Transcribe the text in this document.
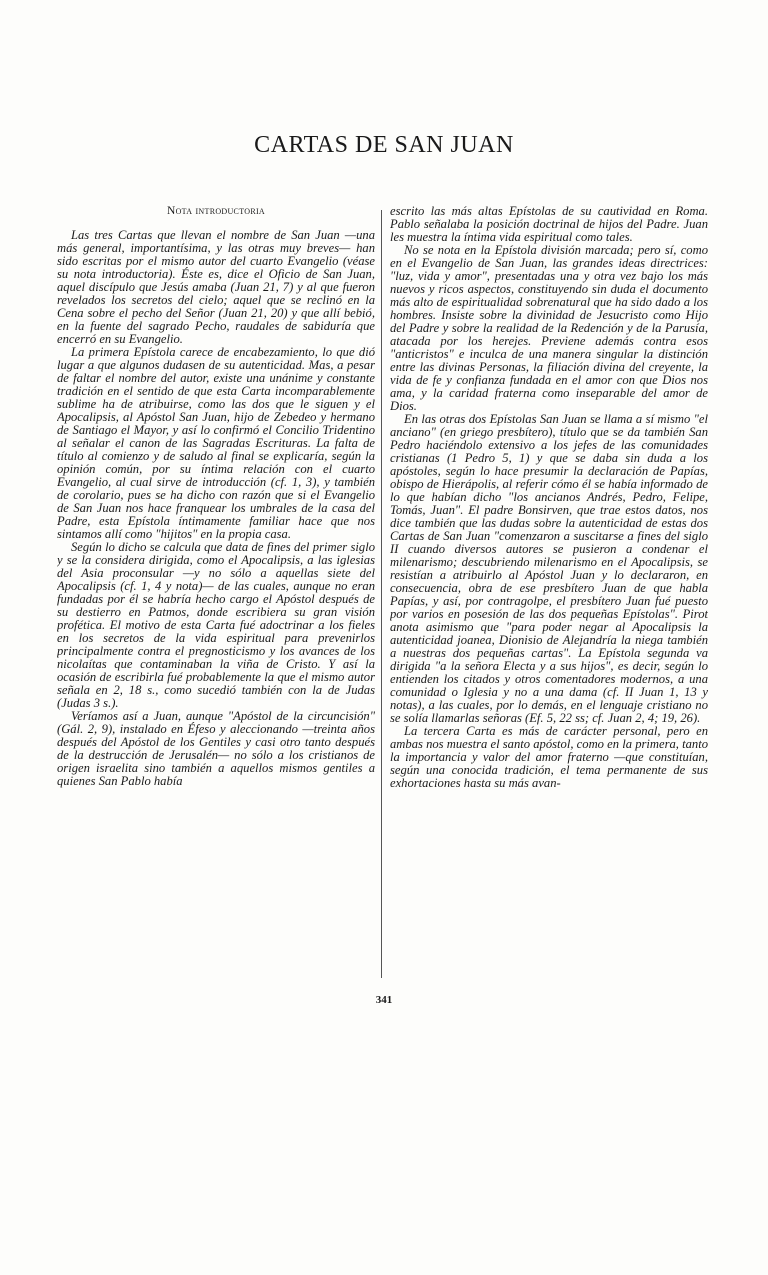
CARTAS DE SAN JUAN
Nota introductoria

Las tres Cartas que llevan el nombre de San Juan —una más general, importantísima, y las otras muy breves— han sido escritas por el mismo autor del cuarto Evangelio (véase su nota introductoria). Éste es, dice el Oficio de San Juan, aquel discípulo que Jesús amaba (Juan 21, 7) y al que fueron revelados los secretos del cielo; aquel que se reclinó en la Cena sobre el pecho del Señor (Juan 21, 20) y que allí bebió, en la fuente del sagrado Pecho, raudales de sabiduría que encerró en su Evangelio.

La primera Epístola carece de encabezamiento, lo que dió lugar a que algunos dudasen de su autenticidad. Mas, a pesar de faltar el nombre del autor, existe una unánime y constante tradición en el sentido de que esta Carta incomparablemente sublime ha de atribuirse, como las dos que le siguen y el Apocalipsis, al Apóstol San Juan, hijo de Zebedeo y hermano de Santiago el Mayor, y así lo confirmó el Concilio Tridentino al señalar el canon de las Sagradas Escrituras. La falta de título al comienzo y de saludo al final se explicaría, según la opinión común, por su íntima relación con el cuarto Evangelio, al cual sirve de introducción (cf. 1, 3), y también de corolario, pues se ha dicho con razón que si el Evangelio de San Juan nos hace franquear los umbrales de la casa del Padre, esta Epístola íntimamente familiar hace que nos sintamos allí como "hijitos" en la propia casa.

Según lo dicho se calcula que data de fines del primer siglo y se la considera dirigida, como el Apocalipsis, a las iglesias del Asia proconsular —y no sólo a aquellas siete del Apocalipsis (cf. 1, 4 y nota)— de las cuales, aunque no eran fundadas por él se habría hecho cargo el Apóstol después de su destierro en Patmos, donde escribiera su gran visión profética. El motivo de esta Carta fué adoctrinar a los fieles en los secretos de la vida espiritual para prevenirlos principalmente contra el pregnosticismo y los avances de los nicolaítas que contaminaban la viña de Cristo. Y así la ocasión de escribirla fué probablemente la que el mismo autor señala en 2, 18 s., como sucedió también con la de Judas (Judas 3 s.).

Veríamos así a Juan, aunque "Apóstol de la circuncisión" (Gál. 2, 9), instalado en Éfeso y aleccionando —treinta años después del Apóstol de los Gentiles y casi otro tanto después de la destrucción de Jerusalén— no sólo a los cristianos de origen israelita sino también a aquellos mismos gentiles a quienes San Pablo había

escrito las más altas Epístolas de su cautividad en Roma. Pablo señalaba la posición doctrinal de hijos del Padre. Juan les muestra la íntima vida espiritual como tales.

No se nota en la Epístola división marcada; pero sí, como en el Evangelio de San Juan, las grandes ideas directrices: "luz, vida y amor", presentadas una y otra vez bajo los más nuevos y ricos aspectos, constituyendo sin duda el documento más alto de espiritualidad sobrenatural que ha sido dado a los hombres. Insiste sobre la divinidad de Jesucristo como Hijo del Padre y sobre la realidad de la Redención y de la Parusía, atacada por los herejes. Previene además contra esos "anticristos" e inculca de una manera singular la distinción entre las divinas Personas, la filiación divina del creyente, la vida de fe y confianza fundada en el amor con que Dios nos ama, y la caridad fraterna como inseparable del amor de Dios.

En las otras dos Epístolas San Juan se llama a sí mismo "el anciano" (en griego presbítero), título que se da también San Pedro haciéndolo extensivo a los jefes de las comunidades cristianas (1 Pedro 5, 1) y que se daba sin duda a los apóstoles, según lo hace presumir la declaración de Papías, obispo de Hierápolis, al referir cómo él se había informado de lo que habían dicho "los ancianos Andrés, Pedro, Felipe, Tomás, Juan". El padre Bonsirven, que trae estos datos, nos dice también que las dudas sobre la autenticidad de estas dos Cartas de San Juan "comenzaron a suscitarse a fines del siglo II cuando diversos autores se pusieron a condenar el milenarismo; descubriendo milenarismo en el Apocalipsis, se resistían a atribuirlo al Apóstol Juan y lo declararon, en consecuencia, obra de ese presbítero Juan de que habla Papías, y así, por contragolpe, el presbítero Juan fué puesto por varios en posesión de las dos pequeñas Epístolas". Pirot anota asimismo que "para poder negar al Apocalipsis la autenticidad joanea, Dionisio de Alejandría la niega también a nuestras dos pequeñas cartas". La Epístola segunda va dirigida "a la señora Electa y a sus hijos", es decir, según lo entienden los citados y otros comentadores modernos, a una comunidad o Iglesia y no a una dama (cf. II Juan 1, 13 y notas), a las cuales, por lo demás, en el lenguaje cristiano no se solía llamarlas señoras (Ef. 5, 22 ss; cf. Juan 2, 4; 19, 26).

La tercera Carta es más de carácter personal, pero en ambas nos muestra el santo apóstol, como en la primera, tanto la importancia y valor del amor fraterno —que constituían, según una conocida tradición, el tema permanente de sus exhortaciones hasta su más avan-

341
